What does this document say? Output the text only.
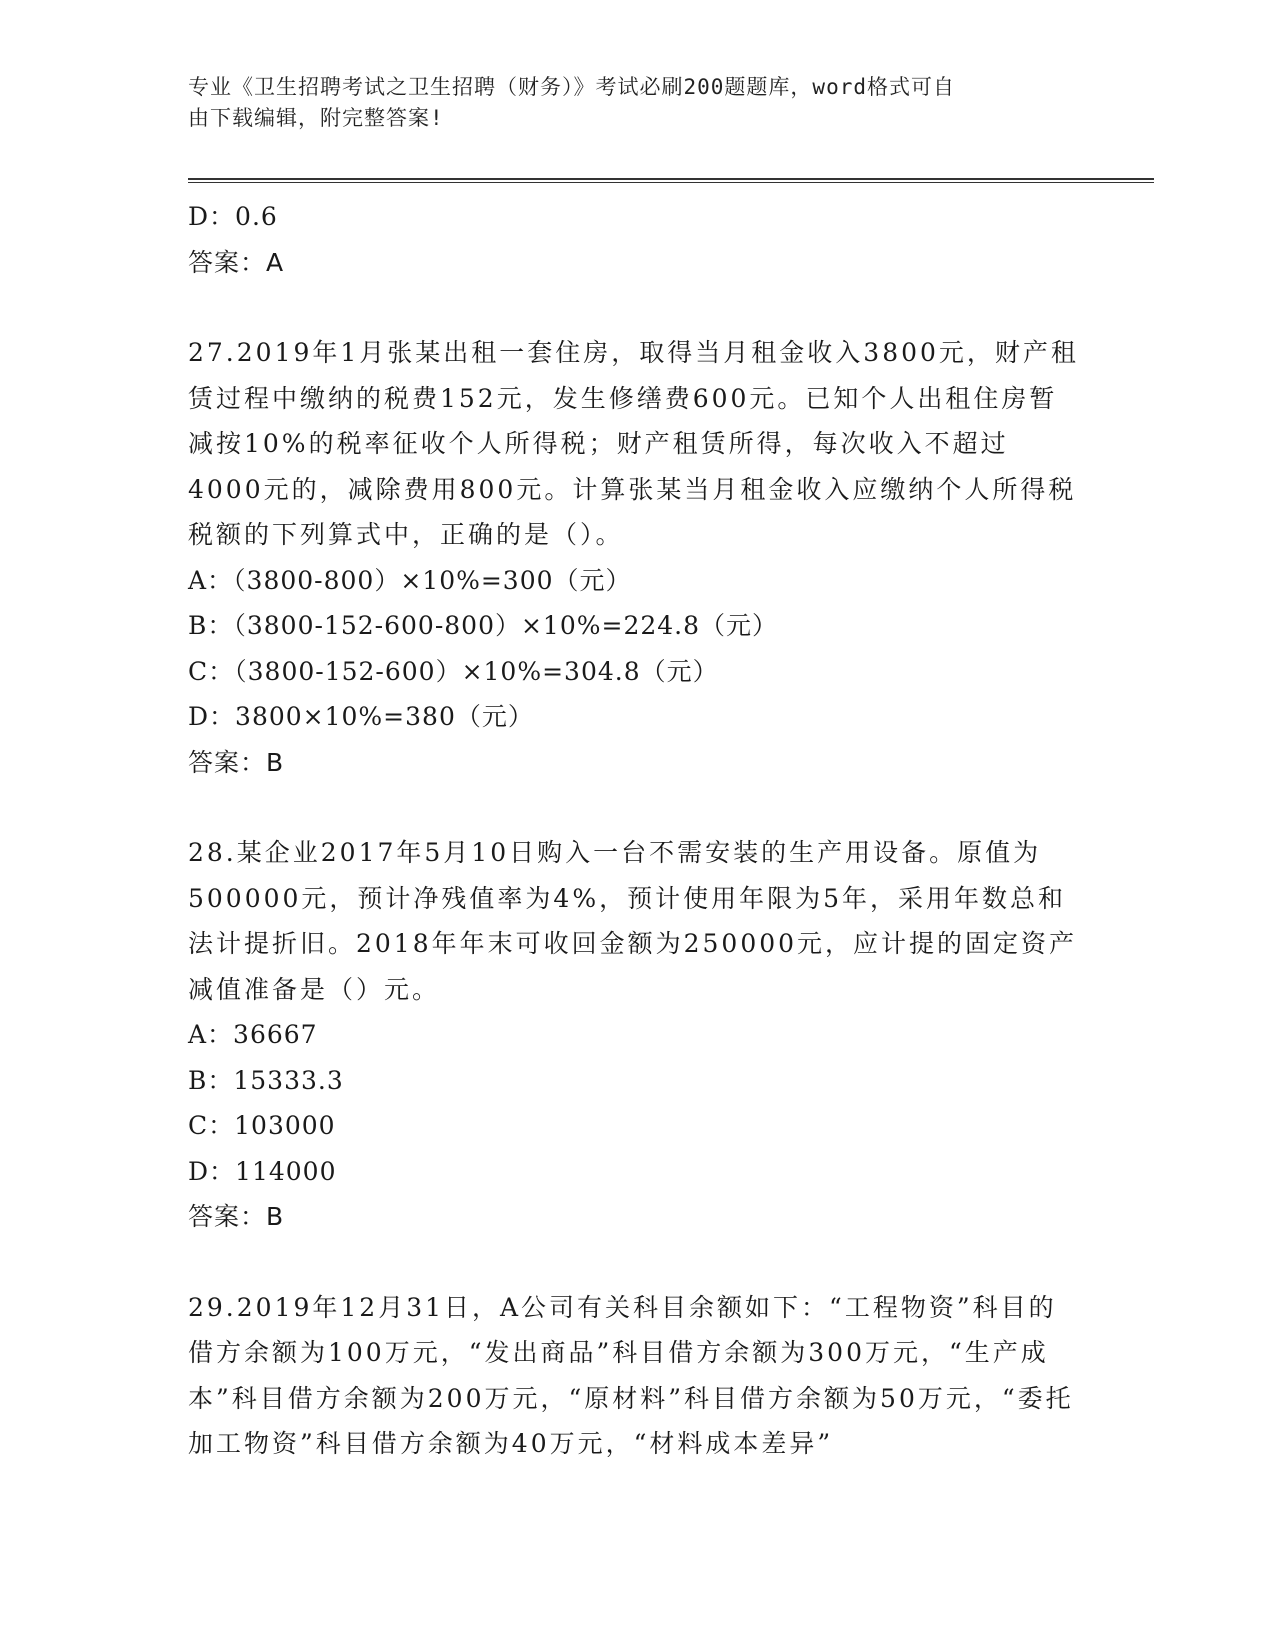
专业《卫生招聘考试之卫生招聘（财务）》考试必刷200题题库，word格式可自
由下载编辑，附完整答案!
D：0.6
答案：A
27.2019年1月张某出租一套住房，取得当月租金收入3800元，财产租赁过程中缴纳的税费152元，发生修缮费600元。已知个人出租住房暂减按10%的税率征收个人所得税；财产租赁所得，每次收入不超过4000元的，减除费用800元。计算张某当月租金收入应缴纳个人所得税税额的下列算式中，正确的是（）。
A：（3800-800）×10%=300（元）
B：（3800-152-600-800）×10%=224.8（元）
C：（3800-152-600）×10%=304.8（元）
D：3800×10%=380（元）
答案：B
28.某企业2017年5月10日购入一台不需安装的生产用设备。原值为500000元，预计净残值率为4%，预计使用年限为5年，采用年数总和法计提折旧。2018年年末可收回金额为250000元，应计提的固定资产减值准备是（）元。
A：36667
B：15333.3
C：103000
D：114000
答案：B
29.2019年12月31日，A公司有关科目余额如下：“工程物资”科目的借方余额为100万元，“发出商品”科目借方余额为300万元，“生产成本”科目借方余额为200万元，“原材料”科目借方余额为50万元，“委托加工物资”科目借方余额为40万元，“材料成本差异”
